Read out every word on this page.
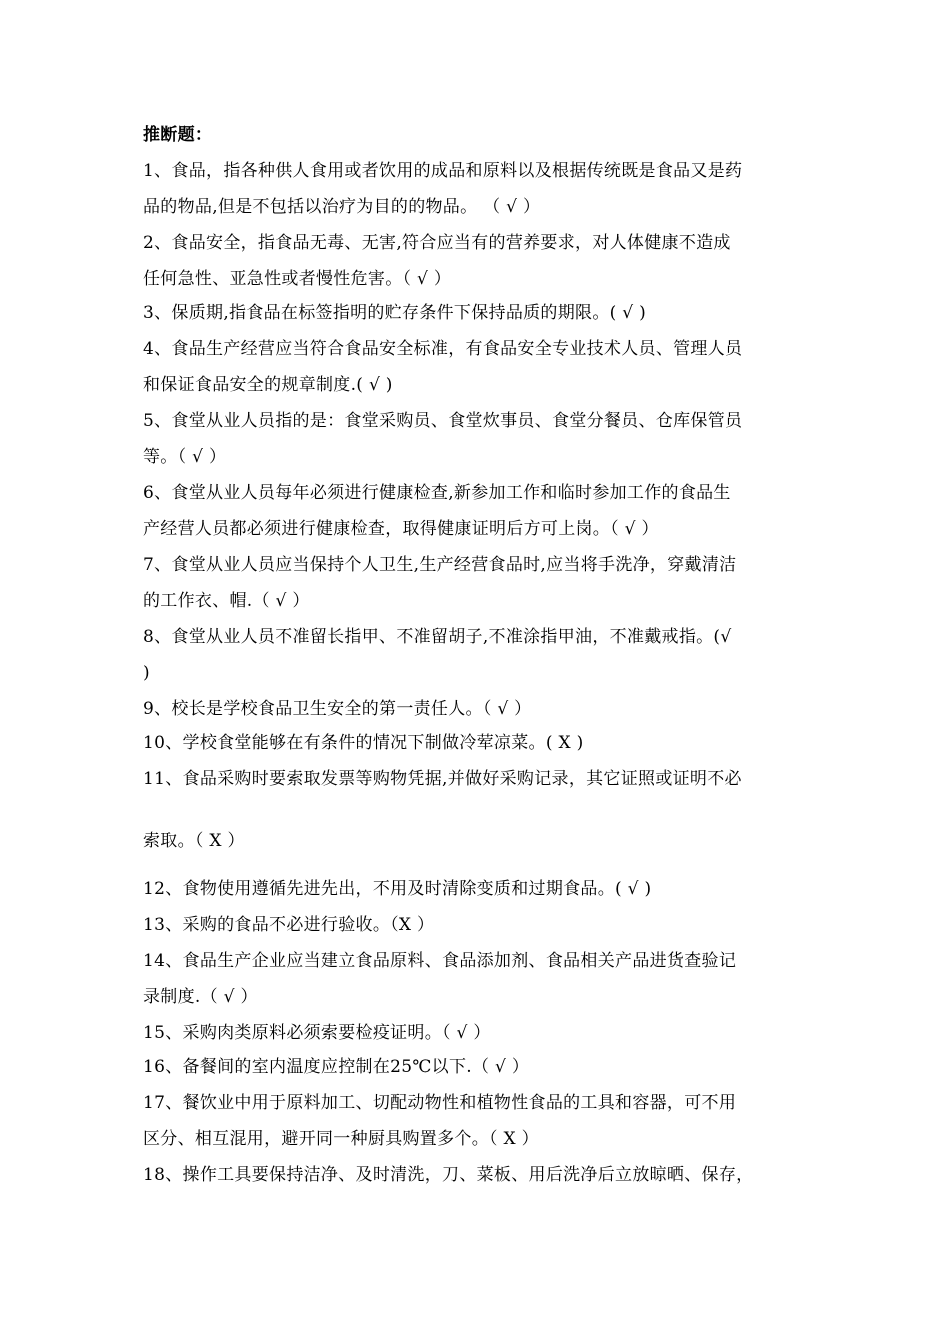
推断题：
1、食品，指各种供人食用或者饮用的成品和原料以及根据传统既是食品又是药
品的物品,但是不包括以治疗为目的的物品。 （ √ ）
2、食品安全，指食品无毒、无害,符合应当有的营养要求，对人体健康不造成
任何急性、亚急性或者慢性危害。（ √ ）
3、保质期,指食品在标签指明的贮存条件下保持品质的期限。( √ )
4、食品生产经营应当符合食品安全标准，有食品安全专业技术人员、管理人员
和保证食品安全的规章制度.( √ )
5、食堂从业人员指的是：食堂采购员、食堂炊事员、食堂分餐员、仓库保管员
等。（ √ ）
6、食堂从业人员每年必须进行健康检查,新参加工作和临时参加工作的食品生
产经营人员都必须进行健康检查，取得健康证明后方可上岗。（ √ ）
7、食堂从业人员应当保持个人卫生,生产经营食品时,应当将手洗净，穿戴清洁
的工作衣、帽.（ √ ）
8、食堂从业人员不准留长指甲、不准留胡子,不准涂指甲油，不准戴戒指。(√
)
9、校长是学校食品卫生安全的第一责任人。（ √ ）
10、学校食堂能够在有条件的情况下制做冷荤凉菜。( X )
11、食品采购时要索取发票等购物凭据,并做好采购记录，其它证照或证明不必
索取。（ X ）
12、食物使用遵循先进先出，不用及时清除变质和过期食品。( √ )
13、采购的食品不必进行验收。（X ）
14、食品生产企业应当建立食品原料、食品添加剂、食品相关产品进货查验记
录制度.（ √ ）
15、采购肉类原料必须索要检疫证明。（ √ ）
16、备餐间的室内温度应控制在25℃以下.（ √ ）
17、餐饮业中用于原料加工、切配动物性和植物性食品的工具和容器，可不用
区分、相互混用，避开同一种厨具购置多个。（ X ）
18、操作工具要保持洁净、及时清洗，刀、菜板、用后洗净后立放晾晒、保存，
